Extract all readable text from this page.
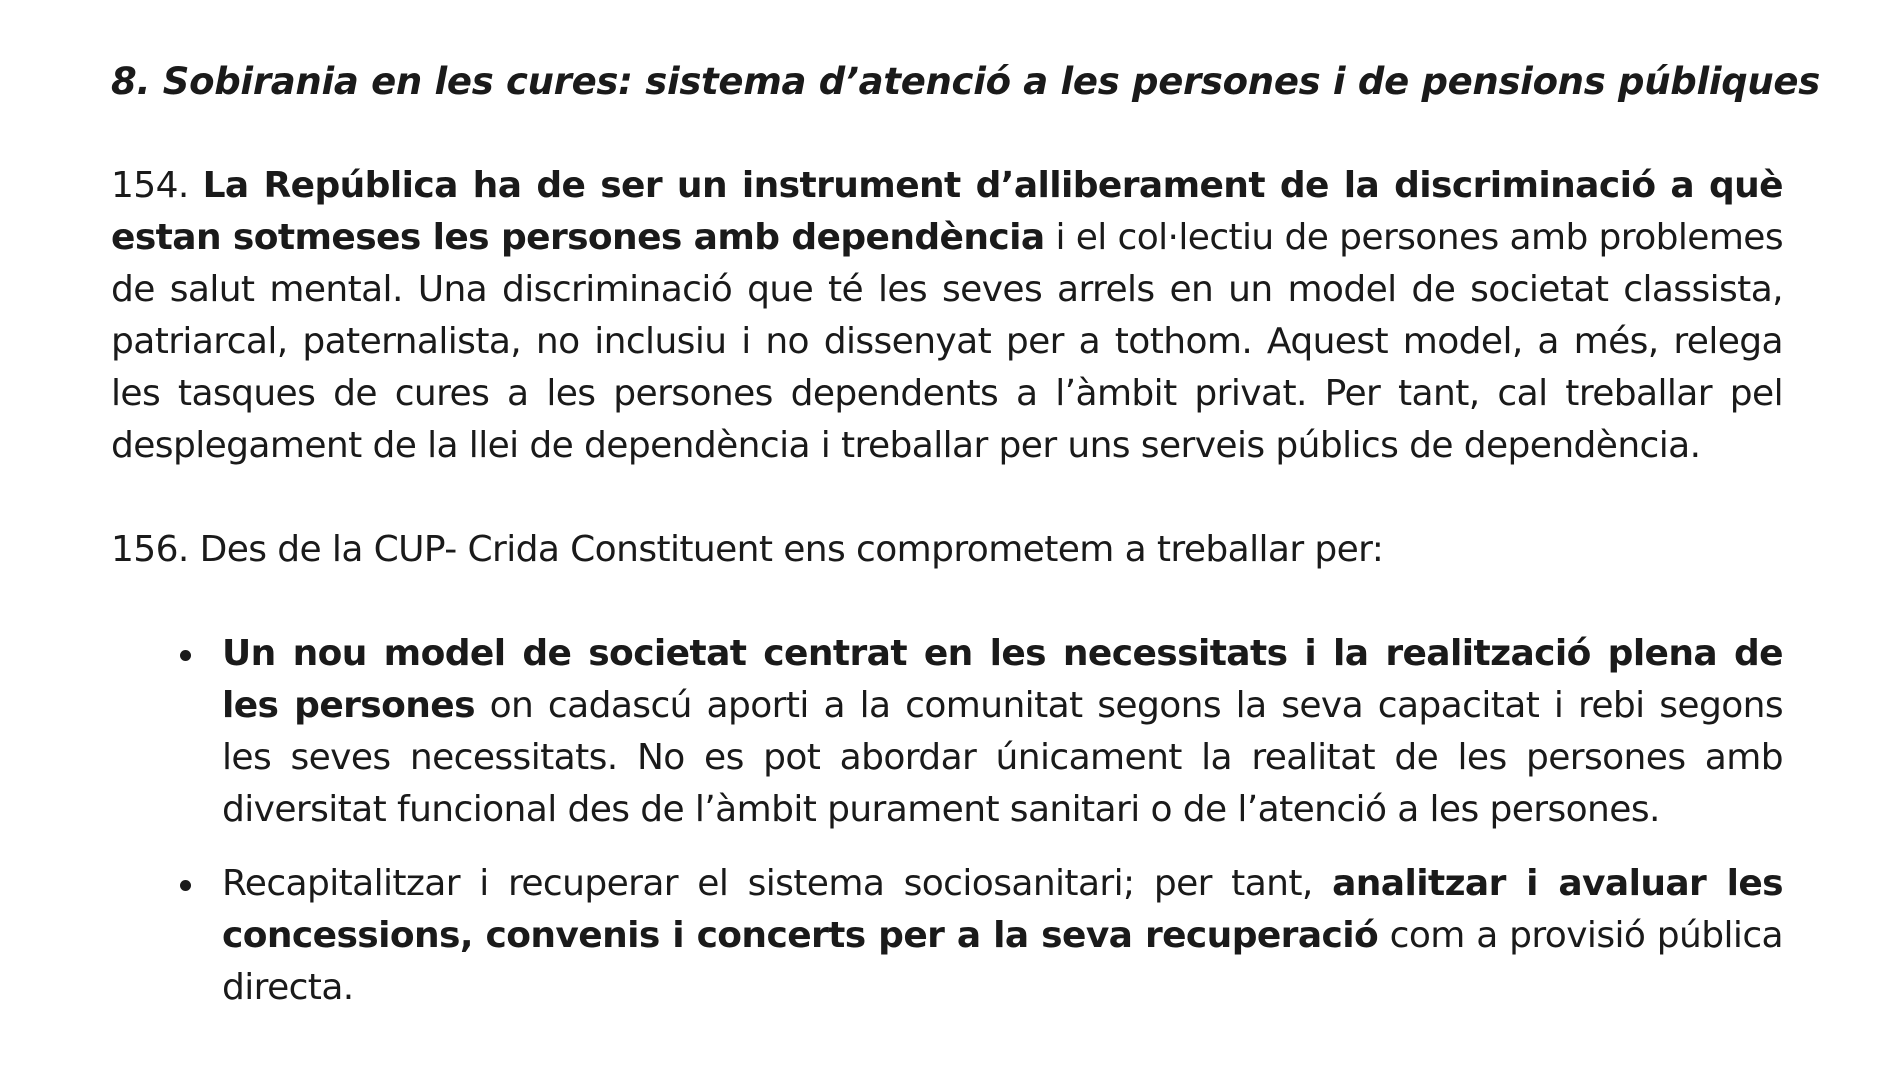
8. Sobirania en les cures: sistema d’atenció a les persones i de pensions públiques

154. La República ha de ser un instrument d’alliberament de la discriminació a què estan sotmeses les persones amb dependència i el col·lectiu de persones amb problemes de salut mental. Una discriminació que té les seves arrels en un model de societat classista, patriarcal, paternalista, no inclusiu i no dissenyat per a tothom. Aquest model, a més, relega les tasques de cures a les persones dependents a l’àmbit privat. Per tant, cal treballar pel desplegament de la llei de dependència i treballar per uns serveis públics de dependència.

156. Des de la CUP- Crida Constituent ens comprometem a treballar per:

Un nou model de societat centrat en les necessitats i la realització plena de les persones on cadascú aporti a la comunitat segons la seva capacitat i rebi segons les seves necessitats. No es pot abordar únicament la realitat de les persones amb diversitat funcional des de l’àmbit purament sanitari o de l’atenció a les persones.
Recapitalitzar i recuperar el sistema sociosanitari; per tant, analitzar i avaluar les concessions, convenis i concerts per a la seva recuperació com a provisió pública directa.
